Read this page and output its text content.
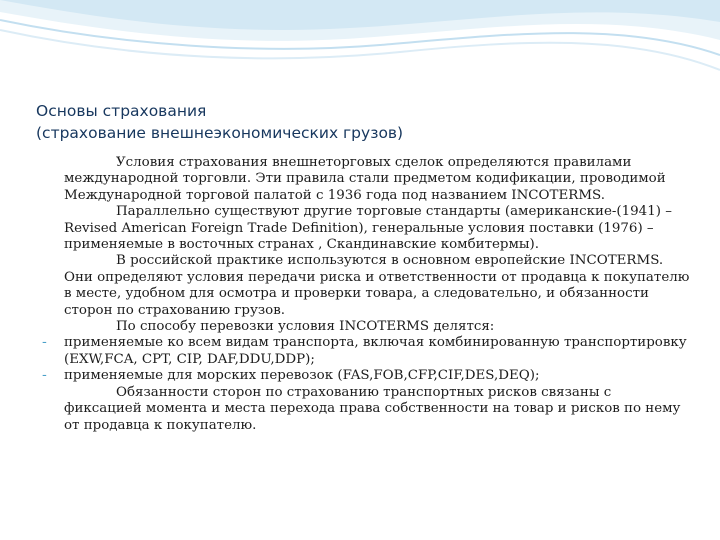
Основы страхования
(страхование внешнеэкономических грузов)

Условия страхования внешнеторговых сделок определяются правилами международной торговли. Эти правила стали предметом кодификации, проводимой Международной торговой палатой с 1936 года под названием INCOTERMS.

Параллельно существуют другие торговые стандарты (американские-(1941) –Revised American Foreign Trade Definition), генеральные условия поставки (1976) – применяемые в восточных странах , Скандинавские комбитермы).

В российской практике используются в основном европейские INCOTERMS. Они определяют условия передачи риска и ответственности от продавца к покупателю в месте, удобном для осмотра и проверки товара, а следовательно, и обязанности сторон по страхованию грузов.

По способу перевозки условия INCOTERMS делятся:

- применяемые ко всем видам транспорта, включая комбинированную транспортировку (EXW,FCA, CPT, CIP, DAF,DDU,DDP);
- применяемые для морских перевозок (FAS,FOB,CFP,CIF,DES,DEQ);

Обязанности сторон по страхованию транспортных рисков связаны с фиксацией момента и места перехода права собственности на товар и рисков по нему от продавца к покупателю.
